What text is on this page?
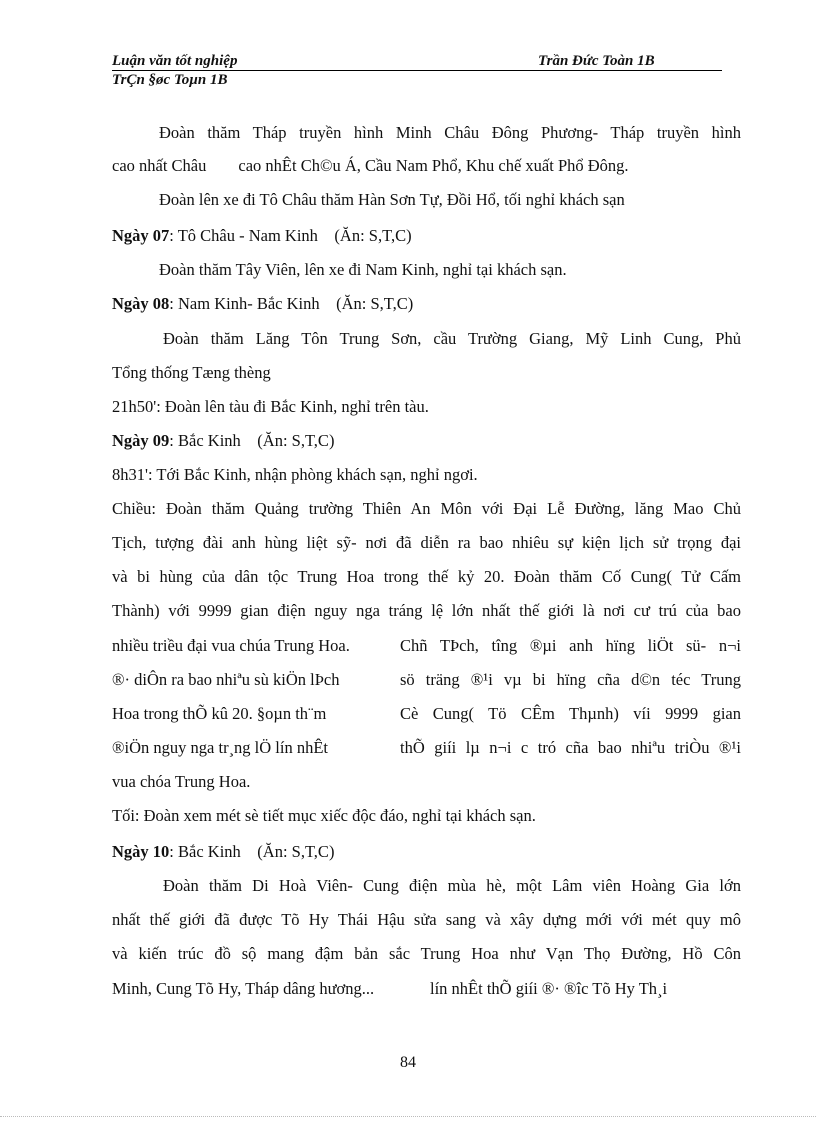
Luận văn tốt nghiệp	Trần Đức Toàn 1B
TrÇn §øc Toµn 1B
Đoàn thăm Tháp truyền hình Minh Châu Đông Phương- Tháp truyền hình
cao nhất Châu cao nhÊt Ch©u Á, Cầu Nam Phổ, Khu chế xuất Phổ Đông.
Đoàn lên xe đi Tô Châu thăm Hàn Sơn Tự, Đồi Hổ, tối nghỉ khách sạn
Ngày 07: Tô Châu - Nam Kinh    (Ăn: S,T,C)
Đoàn thăm Tây Viên, lên xe đi Nam Kinh, nghỉ tại khách sạn.
Ngày 08: Nam Kinh- Bắc Kinh    (Ăn: S,T,C)
Đoàn thăm Lăng Tôn Trung Sơn, cầu Trường Giang, Mỹ Linh Cung, Phủ
Tổng thống Tæng thèng
21h50': Đoàn lên tàu đi Bắc Kinh, nghỉ trên tàu.
Ngày 09: Bắc Kinh    (Ăn: S,T,C)
8h31': Tới Bắc Kinh, nhận phòng khách sạn, nghỉ ngơi.
Chiều: Đoàn thăm Quảng trường Thiên An Môn với Đại Lễ Đường, lăng Mao Chủ
Tịch, tượng đài anh hùng liệt sỹ- nơi đã diễn ra bao nhiêu sự kiện lịch sử trọng đại
và bi hùng của dân tộc Trung Hoa trong thế kỷ 20. Đoàn thăm Cố Cung( Tử Cấm
Thành) với 9999 gian điện nguy nga tráng lệ lớn nhất thế giới là nơi cư trú của bao
nhiều triều đại vua chúa Trung Hoa.	Chñ TÞch, tîng ®µi anh hïng liÖt sü- n¬i
®· diÔn ra bao nhiªu sù kiÖn lÞch	sö träng ®¹i vµ bi hïng cña d©n téc Trung
Hoa trong thÕ kû 20. §oµn th¨m	Cè Cung( Tö CÊm Thµnh) víi 9999 gian
®iÖn nguy nga tr¸ng lÖ lín nhÊt	thÕ giíi lµ n¬i c tró cña bao nhiªu triÒu ®¹i
vua chóa Trung Hoa.
Tối: Đoàn xem mét sè tiết mục xiếc độc đáo, nghỉ tại khách sạn.
Ngày 10: Bắc Kinh    (Ăn: S,T,C)
Đoàn thăm Di Hoà Viên- Cung điện mùa hè, một Lâm viên Hoàng Gia lớn
nhất thế giới đã được Tõ Hy Thái Hậu sửa sang và xây dựng mới với mét quy mô
và kiến trúc đồ sộ mang đậm bản sắc Trung Hoa như Vạn Thọ Đường, Hồ Côn
Minh, Cung Tõ Hy, Tháp dâng hương...	lín nhÊt thÕ giíi ®· ®îc Tõ Hy Th¸i
84
